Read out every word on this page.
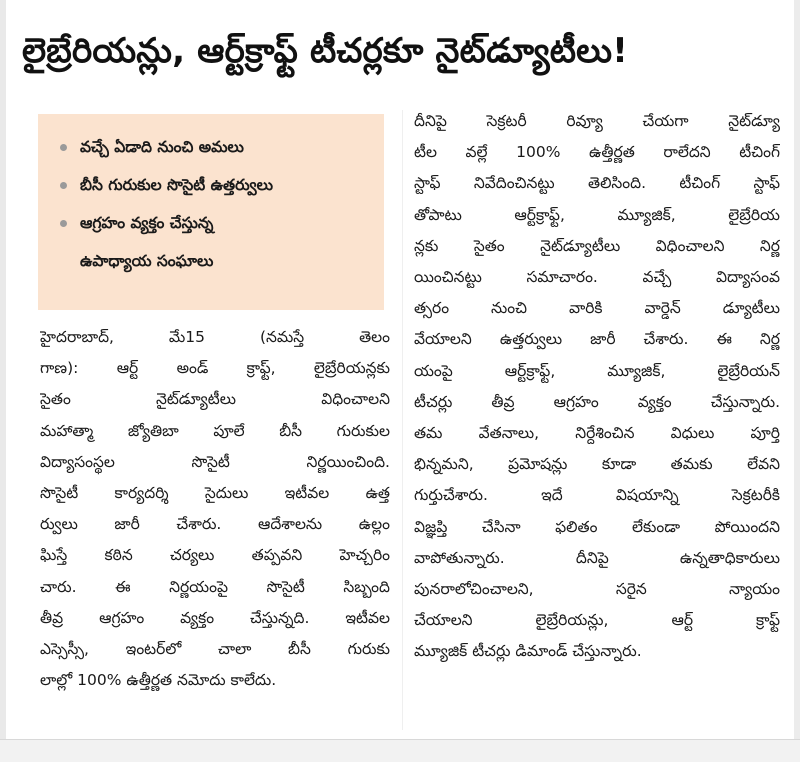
లైబ్రేరియన్లు, ఆర్ట్‌క్రాఫ్ట్ టీచర్లకూ నైట్‌డ్యూటీలు!
వచ్చే ఏడాది నుంచి అమలు
బీసీ గురుకుల సొసైటీ ఉత్తర్వులు
ఆగ్రహం వ్యక్తం చేస్తున్న
ఉపాధ్యాయ సంఘాలు
హైదరాబాద్, మే15 (నమస్తే తెలం
గాణ): ఆర్ట్ అండ్ క్రాఫ్ట్, లైబ్రేరియన్లకు
సైతం నైట్‌డ్యూటీలు విధించాలని
మహాత్మా జ్యోతిబా పూలే బీసీ గురుకుల
విద్యాసంస్థల సొసైటీ నిర్ణయించింది.
సొసైటీ కార్యదర్శి సైదులు ఇటీవల ఉత్త
ర్వులు జారీ చేశారు. ఆదేశాలను ఉల్లం
ఘిస్తే కఠిన చర్యలు తప్పవని హెచ్చరిం
చారు. ఈ నిర్ణయంపై సొసైటీ సిబ్బంది
తీవ్ర ఆగ్రహం వ్యక్తం చేస్తున్నది. ఇటీవల
ఎస్సెస్సీ, ఇంటర్‌లో చాలా బీసీ గురుకు
లాల్లో 100% ఉత్తీర్ణత నమోదు కాలేదు.
దీనిపై సెక్రటరీ రివ్యూ చేయగా నైట్‌డ్యూ
టీల వల్లే 100% ఉత్తీర్ణత రాలేదని టీచింగ్
స్టాఫ్ నివేదించినట్టు తెలిసింది. టీచింగ్ స్టాఫ్
తోపాటు ఆర్ట్‌క్రాఫ్ట్, మ్యూజిక్, లైబ్రేరియ
న్లకు సైతం నైట్‌డ్యూటీలు విధించాలని నిర్ణ
యించినట్టు సమాచారం. వచ్చే విద్యాసంవ
త్సరం నుంచి వారికి వార్డెన్ డ్యూటీలు
వేయాలని ఉత్తర్వులు జారీ చేశారు. ఈ నిర్ణ
యంపై ఆర్ట్‌క్రాఫ్ట్, మ్యూజిక్, లైబ్రేరియన్
టీచర్లు తీవ్ర ఆగ్రహం వ్యక్తం చేస్తున్నారు.
తమ వేతనాలు, నిర్దేశించిన విధులు పూర్తి
భిన్నమని, ప్రమోషన్లు కూడా తమకు లేవని
గుర్తుచేశారు. ఇదే విషయాన్ని సెక్రటరీకి
విజ్ఞప్తి చేసినా ఫలితం లేకుండా పోయిందని
వాపోతున్నారు. దీనిపై ఉన్నతాధికారులు
పునరాలోచించాలని, సరైన న్యాయం
చేయాలని లైబ్రేరియన్లు, ఆర్ట్ క్రాఫ్ట్
మ్యూజిక్ టీచర్లు డిమాండ్ చేస్తున్నారు.
